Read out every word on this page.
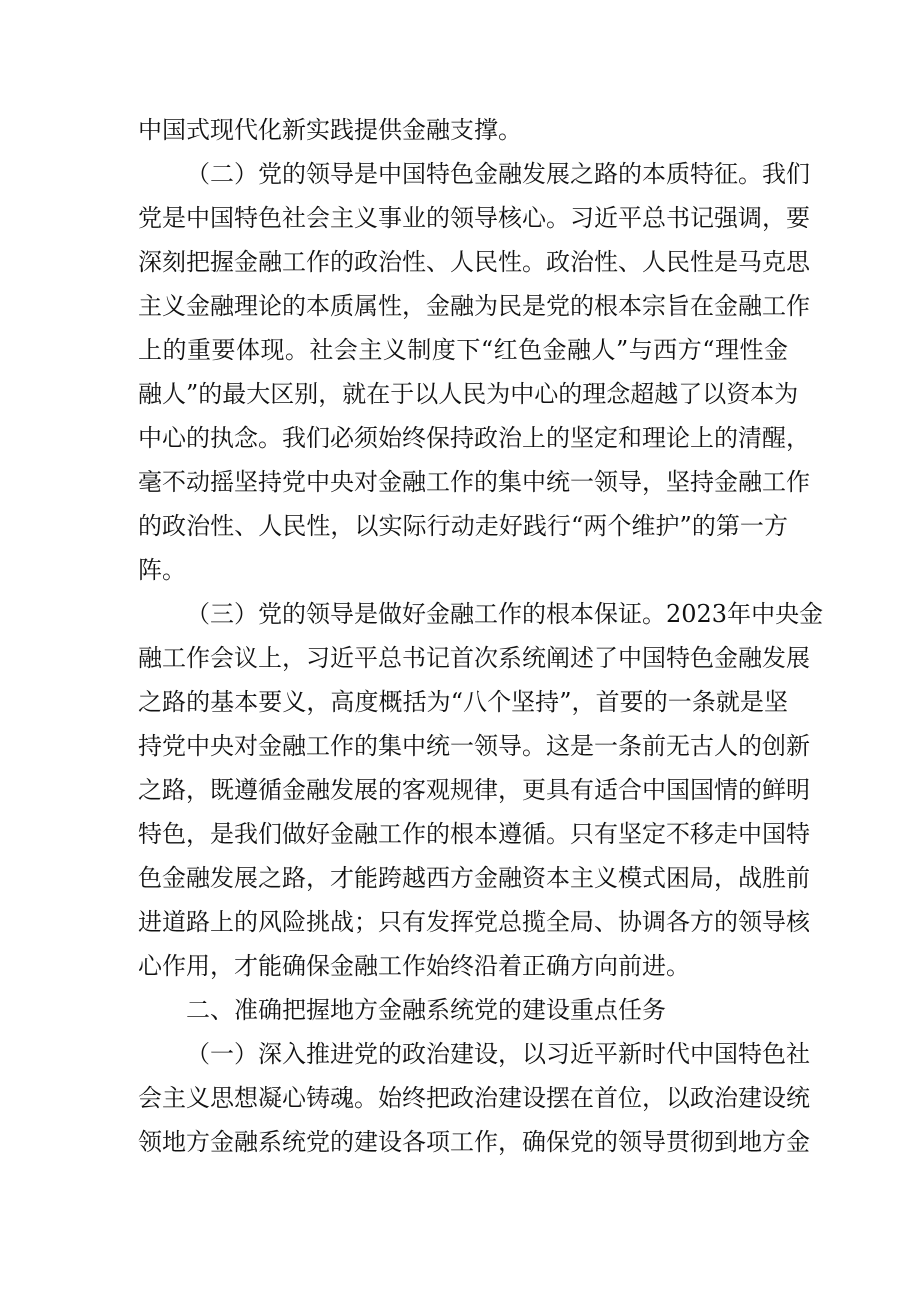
中国式现代化新实践提供金融支撑。
（二）党的领导是中国特色金融发展之路的本质特征。我们
党是中国特色社会主义事业的领导核心。习近平总书记强调，要
深刻把握金融工作的政治性、人民性。政治性、人民性是马克思
主义金融理论的本质属性，金融为民是党的根本宗旨在金融工作
上的重要体现。社会主义制度下“红色金融人”与西方“理性金
融人”的最大区别，就在于以人民为中心的理念超越了以资本为
中心的执念。我们必须始终保持政治上的坚定和理论上的清醒，
毫不动摇坚持党中央对金融工作的集中统一领导，坚持金融工作
的政治性、人民性，以实际行动走好践行“两个维护”的第一方
阵。
（三）党的领导是做好金融工作的根本保证。2023年中央金
融工作会议上，习近平总书记首次系统阐述了中国特色金融发展
之路的基本要义，高度概括为“八个坚持”，首要的一条就是坚
持党中央对金融工作的集中统一领导。这是一条前无古人的创新
之路，既遵循金融发展的客观规律，更具有适合中国国情的鲜明
特色，是我们做好金融工作的根本遵循。只有坚定不移走中国特
色金融发展之路，才能跨越西方金融资本主义模式困局，战胜前
进道路上的风险挑战；只有发挥党总揽全局、协调各方的领导核
心作用，才能确保金融工作始终沿着正确方向前进。
二、准确把握地方金融系统党的建设重点任务
（一）深入推进党的政治建设，以习近平新时代中国特色社
会主义思想凝心铸魂。始终把政治建设摆在首位，以政治建设统
领地方金融系统党的建设各项工作，确保党的领导贯彻到地方金
